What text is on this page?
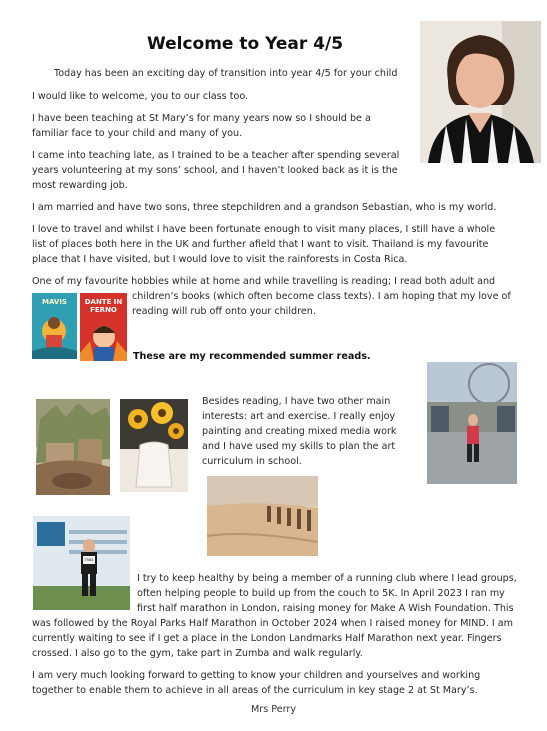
Welcome to Year 4/5
Today has been an exciting day of transition into year 4/5 for your child
I would like to welcome, you to our class too.
I have been teaching at St Mary’s for many years now so I should be a familiar face to your child and many of you.
I came into teaching late, as I trained to be a teacher after spending several years volunteering at my sons’ school, and I haven’t looked back as it is the most rewarding job.
I am married and have two sons, three stepchildren and a grandson Sebastian, who is my world.
I love to travel and whilst I have been fortunate enough to visit many places, I still have a whole list of places both here in the UK and further afield that I want to visit. Thailand is my favourite place that I have visited, but I would love to visit the rainforests in Costa Rica.
One of my favourite hobbies while at home and while travelling is reading; I read both adult and
children’s books (which often become class texts). I am hoping that my love of reading will rub off onto your children.
MAVIS	DANTE IN FERNO
These are my recommended summer reads.
Besides reading, I have two other main interests: art and exercise. I really enjoy painting and creating mixed media work and I have used my skills to plan the art curriculum in school.
7584
I try to keep healthy by being a member of a running club where I lead groups, often helping people to build up from the couch to 5K. In April 2023 I ran my first half marathon in London, raising money for Make A Wish Foundation. This
was followed by the Royal Parks Half Marathon in October 2024 when I raised money for MIND. I am currently waiting to see if I get a place in the London Landmarks Half Marathon next year. Fingers crossed. I also go to the gym, take part in Zumba and walk regularly.
I am very much looking forward to getting to know your children and yourselves and working together to enable them to achieve in all areas of the curriculum in key stage 2 at St Mary’s.
Mrs Perry
